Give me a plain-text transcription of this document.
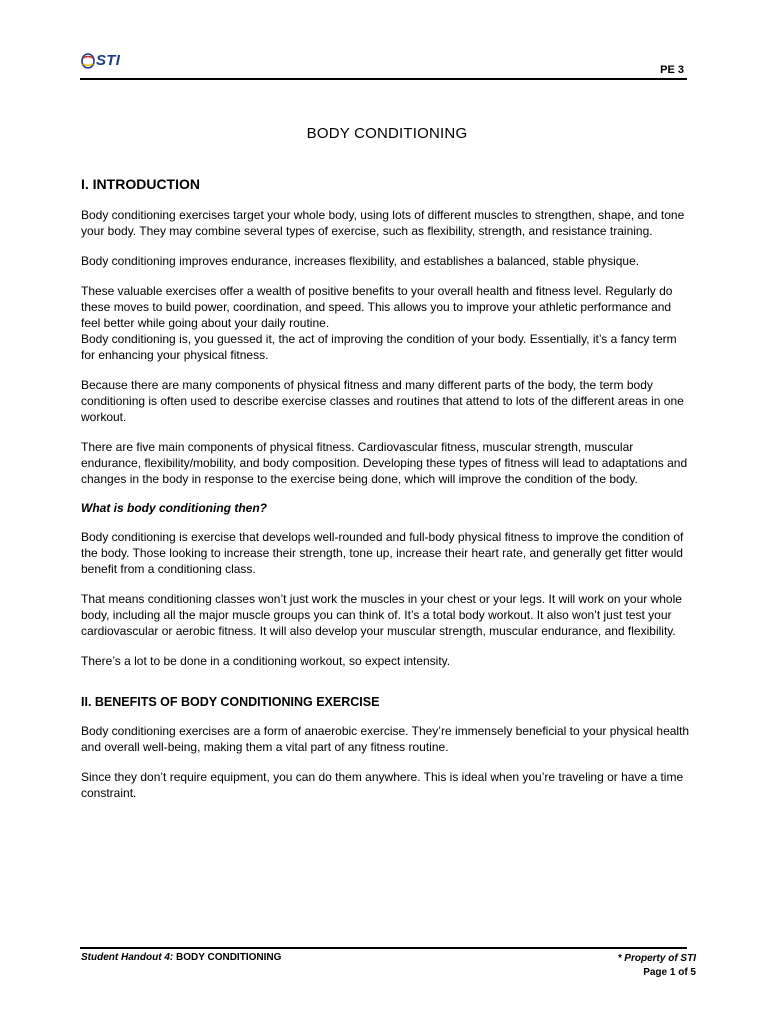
STI
PE 3
BODY CONDITIONING
I. INTRODUCTION

Body conditioning exercises target your whole body, using lots of different muscles to strengthen, shape, and tone your body. They may combine several types of exercise, such as flexibility, strength, and resistance training.

Body conditioning improves endurance, increases flexibility, and establishes a balanced, stable physique.

These valuable exercises offer a wealth of positive benefits to your overall health and fitness level. Regularly do these moves to build power, coordination, and speed. This allows you to improve your athletic performance and feel better while going about your daily routine.

Body conditioning is, you guessed it, the act of improving the condition of your body. Essentially, it’s a fancy term for enhancing your physical fitness.

Because there are many components of physical fitness and many different parts of the body, the term body conditioning is often used to describe exercise classes and routines that attend to lots of the different areas in one workout.

There are five main components of physical fitness. Cardiovascular fitness, muscular strength, muscular endurance, flexibility/mobility, and body composition. Developing these types of fitness will lead to adaptations and changes in the body in response to the exercise being done, which will improve the condition of the body.

What is body conditioning then?

Body conditioning is exercise that develops well-rounded and full-body physical fitness to improve the condition of the body. Those looking to increase their strength, tone up, increase their heart rate, and generally get fitter would benefit from a conditioning class.

That means conditioning classes won’t just work the muscles in your chest or your legs. It will work on your whole body, including all the major muscle groups you can think of. It’s a total body workout. It also won’t just test your cardiovascular or aerobic fitness. It will also develop your muscular strength, muscular endurance, and flexibility.

There’s a lot to be done in a conditioning workout, so expect intensity.

II. BENEFITS OF BODY CONDITIONING EXERCISE

Body conditioning exercises are a form of anaerobic exercise. They’re immensely beneficial to your physical health and overall well-being, making them a vital part of any fitness routine.

Since they don’t require equipment, you can do them anywhere. This is ideal when you’re traveling or have a time constraint.

Student Handout 4: BODY CONDITIONING	* Property of STI
Page 1 of 5
